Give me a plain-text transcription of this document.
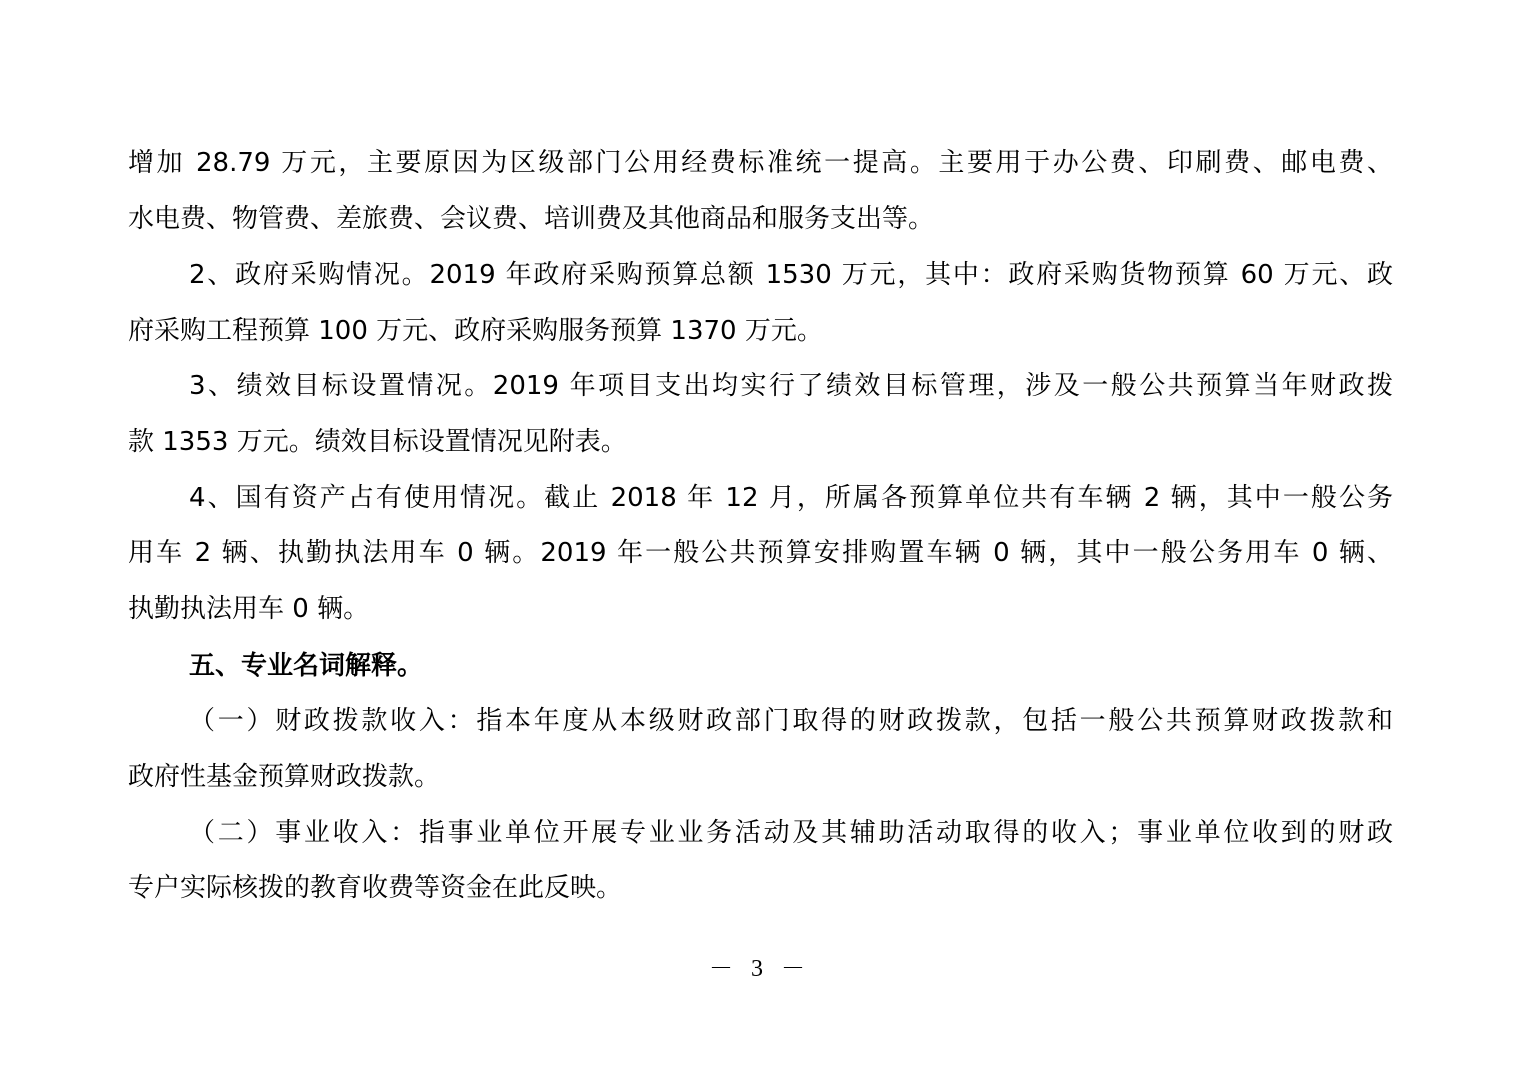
增加 28.79 万元，主要原因为区级部门公用经费标准统一提高。主要用于办公费、印刷费、邮电费、
水电费、物管费、差旅费、会议费、培训费及其他商品和服务支出等。
2、政府采购情况。2019 年政府采购预算总额 1530 万元，其中：政府采购货物预算 60 万元、政
府采购工程预算 100 万元、政府采购服务预算 1370 万元。
3、绩效目标设置情况。2019 年项目支出均实行了绩效目标管理，涉及一般公共预算当年财政拨
款 1353 万元。绩效目标设置情况见附表。
4、国有资产占有使用情况。截止 2018 年 12 月，所属各预算单位共有车辆 2 辆，其中一般公务
用车 2 辆、执勤执法用车 0 辆。2019 年一般公共预算安排购置车辆 0 辆，其中一般公务用车 0 辆、
执勤执法用车 0 辆。
五、专业名词解释。
（一）财政拨款收入：指本年度从本级财政部门取得的财政拨款，包括一般公共预算财政拨款和
政府性基金预算财政拨款。
（二）事业收入：指事业单位开展专业业务活动及其辅助活动取得的收入；事业单位收到的财政
专户实际核拨的教育收费等资金在此反映。
－ 3 －
